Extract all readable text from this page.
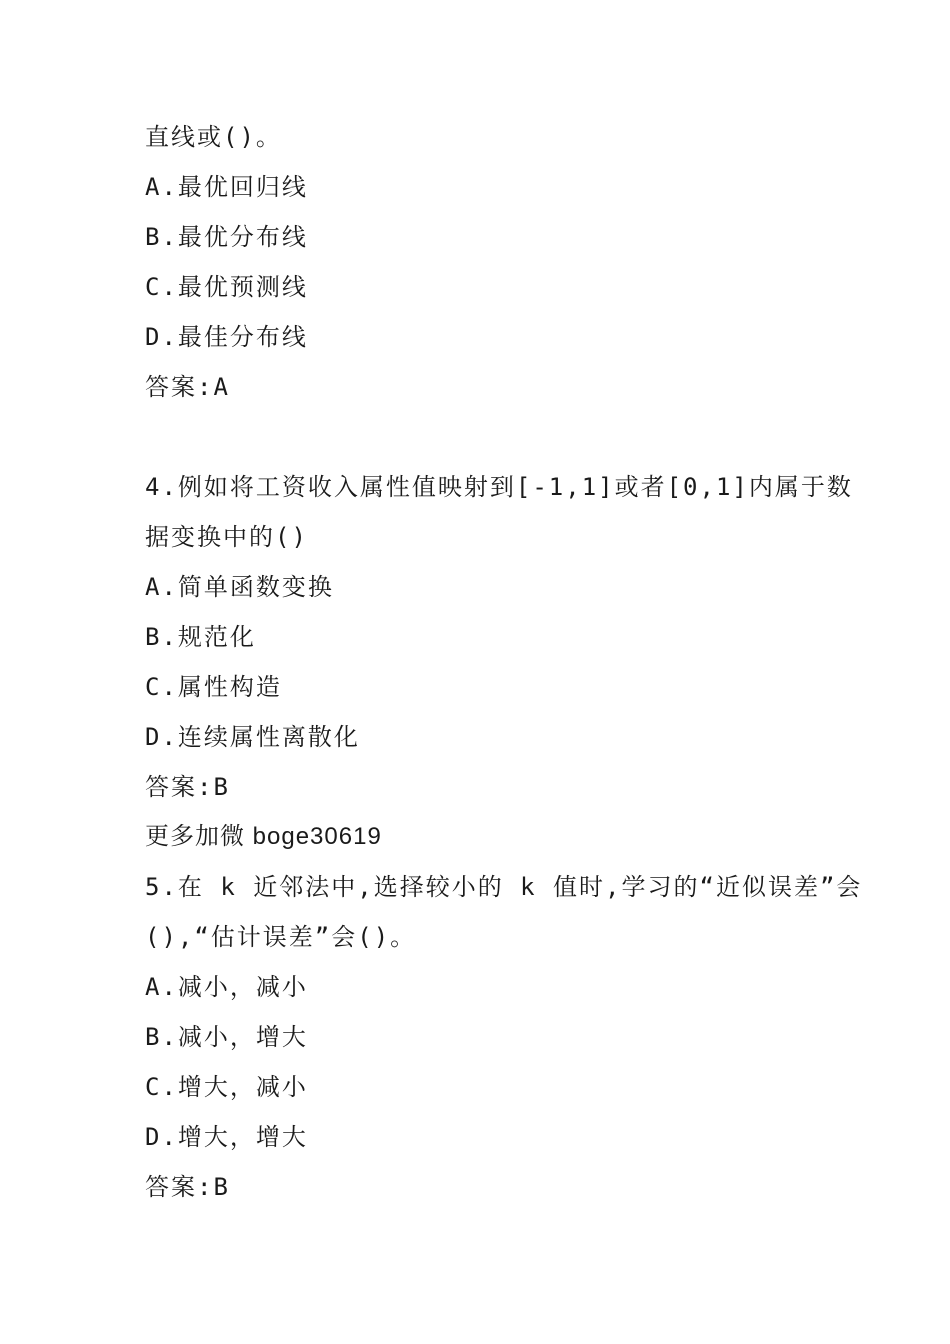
直线或()。
A.最优回归线
B.最优分布线
C.最优预测线
D.最佳分布线
答案:A
4.例如将工资收入属性值映射到[-1,1]或者[0,1]内属于数
据变换中的()
A.简单函数变换
B.规范化
C.属性构造
D.连续属性离散化
答案:B
更多加微 boge30619
5.在 k 近邻法中,选择较小的 k 值时,学习的“近似误差”会
(),“估计误差”会()。
A.减小，减小
B.减小，增大
C.增大，减小
D.增大，增大
答案:B
